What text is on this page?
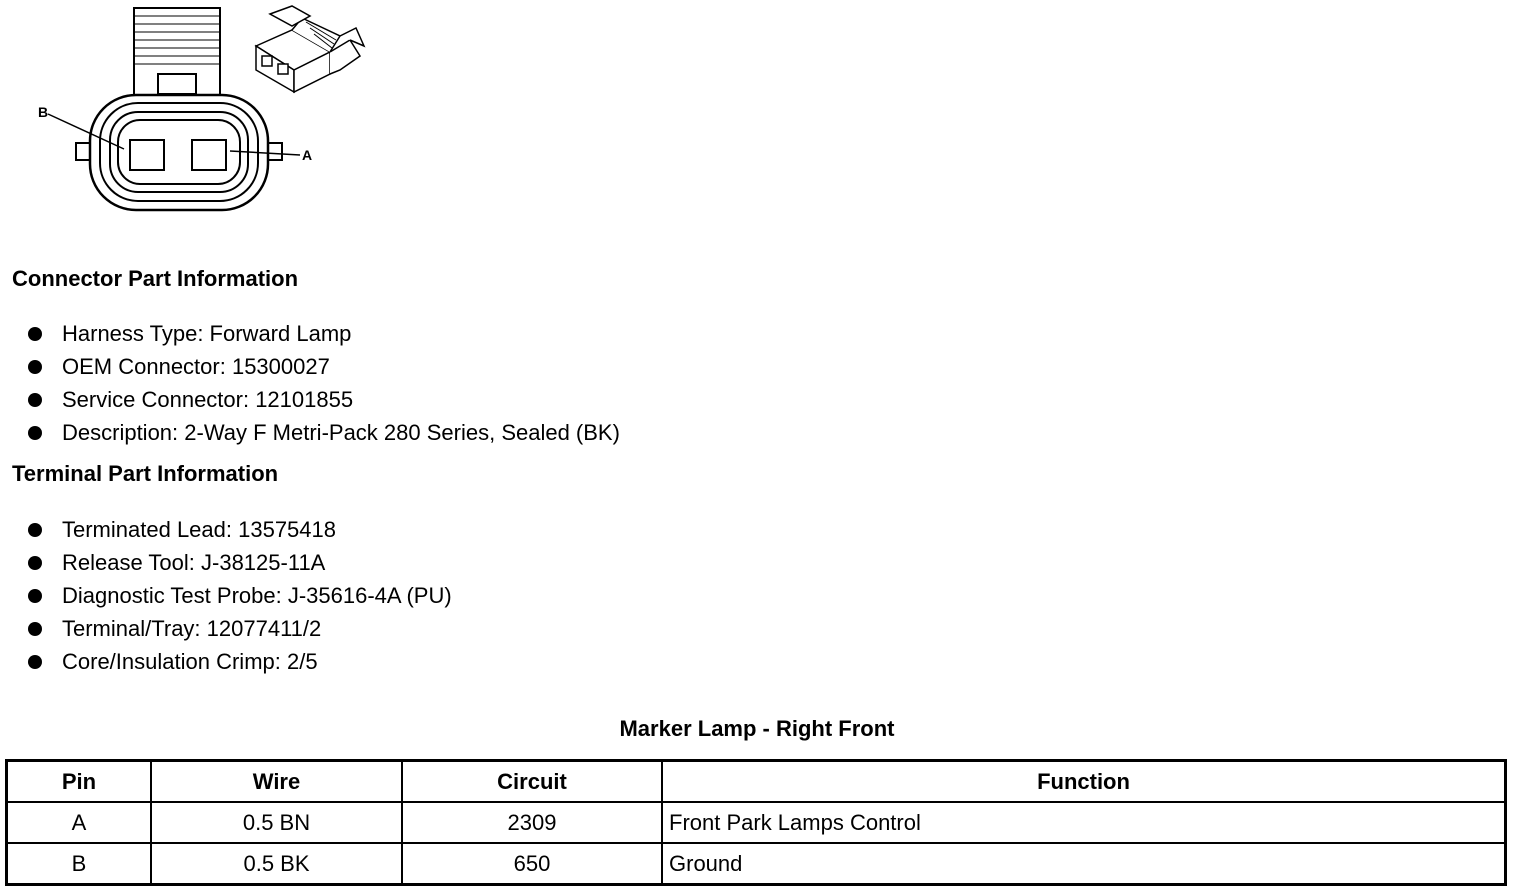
B
A
Connector Part Information
Harness Type: Forward Lamp
OEM Connector: 15300027
Service Connector: 12101855
Description: 2-Way F Metri-Pack 280 Series, Sealed (BK)
Terminal Part Information
Terminated Lead: 13575418
Release Tool: J-38125-11A
Diagnostic Test Probe: J-35616-4A (PU)
Terminal/Tray: 12077411/2
Core/Insulation Crimp: 2/5
Marker Lamp - Right Front
Pin	Wire	Circuit	Function
A	0.5 BN	2309	Front Park Lamps Control
B	0.5 BK	650	Ground
